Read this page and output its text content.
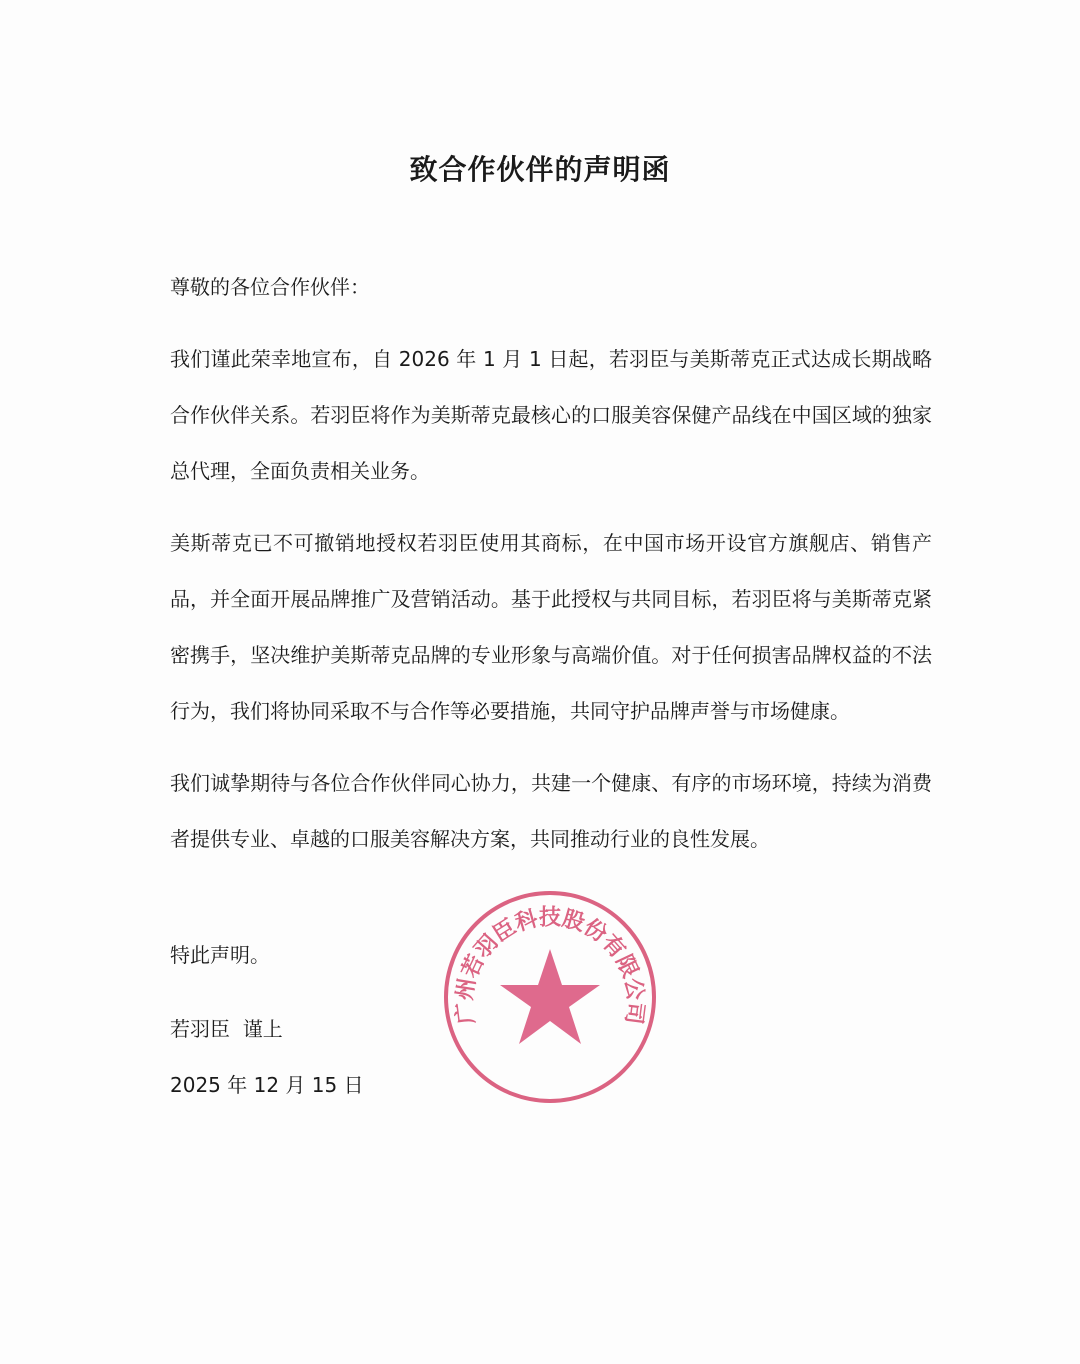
致合作伙伴的声明函

尊敬的各位合作伙伴：

我们谨此荣幸地宣布，自 2026 年 1 月 1 日起，若羽臣与美斯蒂克正式达成长期战略合作伙伴关系。若羽臣将作为美斯蒂克最核心的口服美容保健产品线在中国区域的独家总代理，全面负责相关业务。

美斯蒂克已不可撤销地授权若羽臣使用其商标，在中国市场开设官方旗舰店、销售产品，并全面开展品牌推广及营销活动。基于此授权与共同目标，若羽臣将与美斯蒂克紧密携手，坚决维护美斯蒂克品牌的专业形象与高端价值。对于任何损害品牌权益的不法行为，我们将协同采取不与合作等必要措施，共同守护品牌声誉与市场健康。

我们诚挚期待与各位合作伙伴同心协力，共建一个健康、有序的市场环境，持续为消费者提供专业、卓越的口服美容解决方案，共同推动行业的良性发展。

特此声明。

若羽臣  谨上

2025 年 12 月 15 日

广州若羽臣科技股份有限公司
